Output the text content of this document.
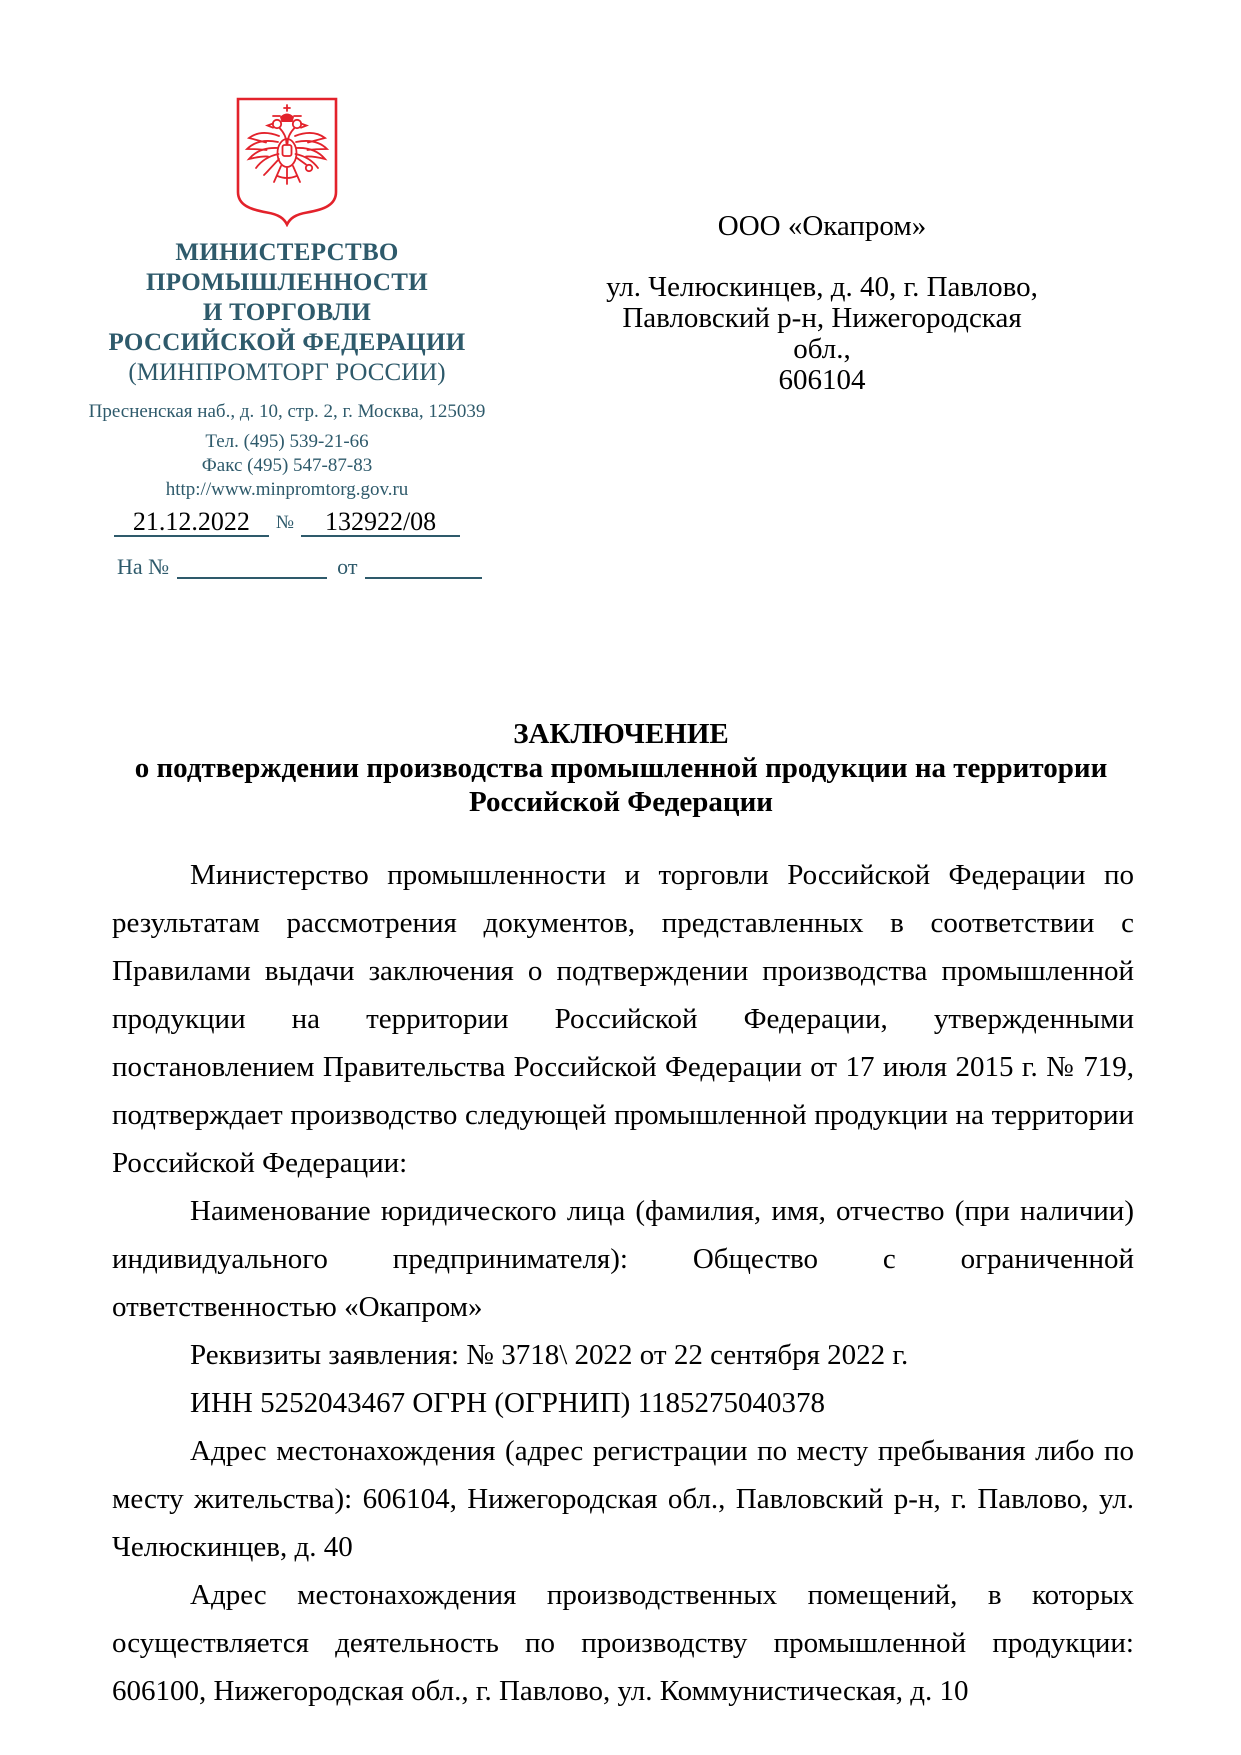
МИНИСТЕРСТВО
ПРОМЫШЛЕННОСТИ
И ТОРГОВЛИ
РОССИЙСКОЙ ФЕДЕРАЦИИ
(МИНПРОМТОРГ РОССИИ)
Пресненская наб., д. 10, стр. 2, г. Москва, 125039
Тел. (495) 539-21-66
Факс (495) 547-87-83
http://www.minpromtorg.gov.ru
21.12.2022	№	132922/08
На №	от
ООО «Окапром»
ул. Челюскинцев, д. 40, г. Павлово,
Павловский р-н, Нижегородская обл.,
606104
ЗАКЛЮЧЕНИЕ
о подтверждении производства промышленной продукции на территории
Российской Федерации

Министерство промышленности и торговли Российской Федерации по результатам рассмотрения документов, представленных в соответствии с Правилами выдачи заключения о подтверждении производства промышленной продукции на территории Российской Федерации, утвержденными постановлением Правительства Российской Федерации от 17 июля 2015 г. № 719, подтверждает производство следующей промышленной продукции на территории Российской Федерации:

Наименование юридического лица (фамилия, имя, отчество (при наличии) индивидуального предпринимателя): Общество с ограниченной ответственностью «Окапром»

Реквизиты заявления: № 3718\ 2022 от 22 сентября 2022 г.

ИНН 5252043467 ОГРН (ОГРНИП) 1185275040378

Адрес местонахождения (адрес регистрации по месту пребывания либо по месту жительства): 606104, Нижегородская обл., Павловский р-н, г. Павлово, ул. Челюскинцев, д. 40

Адрес местонахождения производственных помещений, в которых осуществляется деятельность по производству промышленной продукции: 606100, Нижегородская обл., г. Павлово, ул. Коммунистическая, д. 10
